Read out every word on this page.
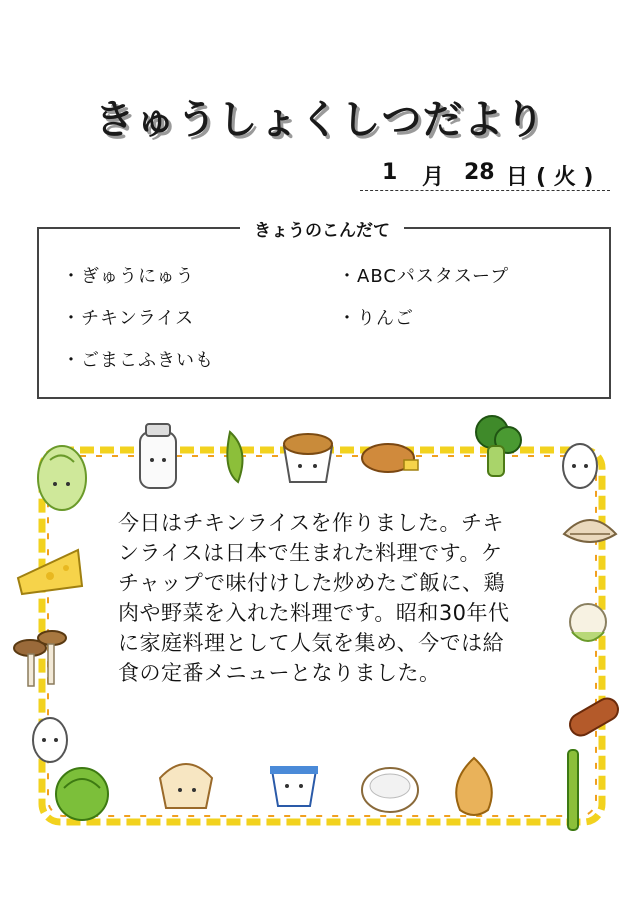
きゅうしょくしつだより
1 月 28 日 ( 火 )
きょうのこんだて
・ぎゅうにゅう
・チキンライス
・ごまこふきいも
・ABCパスタスープ
・りんご
今日はチキンライスを作りました。チキンライスは日本で生まれた料理です。ケチャップで味付けした炒めたご飯に、鶏肉や野菜を入れた料理です。昭和30年代に家庭料理として人気を集め、今では給食の定番メニューとなりました。
